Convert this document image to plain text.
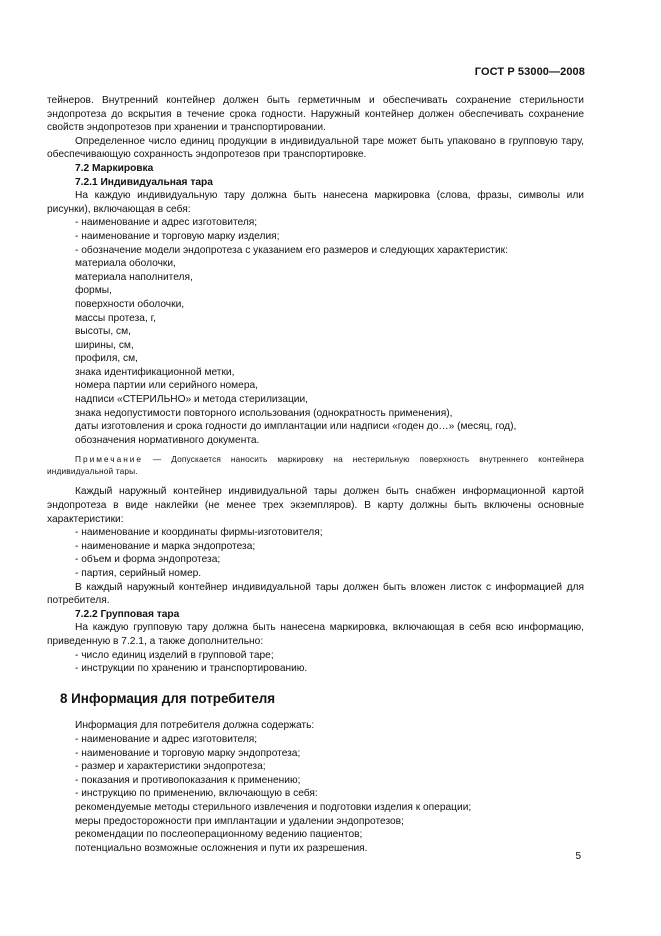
ГОСТ Р 53000—2008

тейнеров. Внутренний контейнер должен быть герметичным и обеспечивать сохранение стерильности эндопротеза до вскрытия в течение срока годности. Наружный контейнер должен обеспечивать сохранение свойств эндопротезов при хранении и транспортировании.

Определенное число единиц продукции в индивидуальной таре может быть упаковано в групповую тару, обеспечивающую сохранность эндопротезов при транспортировке.

7.2 Маркировка

7.2.1 Индивидуальная тара

На каждую индивидуальную тару должна быть нанесена маркировка (слова, фразы, символы или рисунки), включающая в себя:

- наименование и адрес изготовителя;

- наименование и торговую марку изделия;

- обозначение модели эндопротеза с указанием его размеров и следующих характеристик:

материала оболочки,

материала наполнителя,

формы,

поверхности оболочки,

массы протеза, г,

высоты, см,

ширины, см,

профиля, см,

знака идентификационной метки,

номера партии или серийного номера,

надписи «СТЕРИЛЬНО» и метода стерилизации,

знака недопустимости повторного использования (однократность применения),

даты изготовления и срока годности до имплантации или надписи «годен до…» (месяц, год),

обозначения нормативного документа.

Примечание — Допускается наносить маркировку на нестерильную поверхность внутреннего контейнера индивидуальной тары.

Каждый наружный контейнер индивидуальной тары должен быть снабжен информационной картой эндопротеза в виде наклейки (не менее трех экземпляров). В карту должны быть включены основные характеристики:

- наименование и координаты фирмы-изготовителя;

- наименование и марка эндопротеза;

- объем и форма эндопротеза;

- партия, серийный номер.

В каждый наружный контейнер индивидуальной тары должен быть вложен листок с информацией для потребителя.

7.2.2 Групповая тара

На каждую групповую тару должна быть нанесена маркировка, включающая в себя всю информацию, приведенную в 7.2.1, а также дополнительно:

- число единиц изделий в групповой таре;

- инструкции по хранению и транспортированию.

8 Информация для потребителя

Информация для потребителя должна содержать:

- наименование и адрес изготовителя;

- наименование и торговую марку эндопротеза;

- размер и характеристики эндопротеза;

- показания и противопоказания к применению;

- инструкцию по применению, включающую в себя:

рекомендуемые методы стерильного извлечения и подготовки изделия к операции;

меры предосторожности при имплантации и удалении эндопротезов;

рекомендации по послеоперационному ведению пациентов;

потенциально возможные осложнения и пути их разрешения.

5
